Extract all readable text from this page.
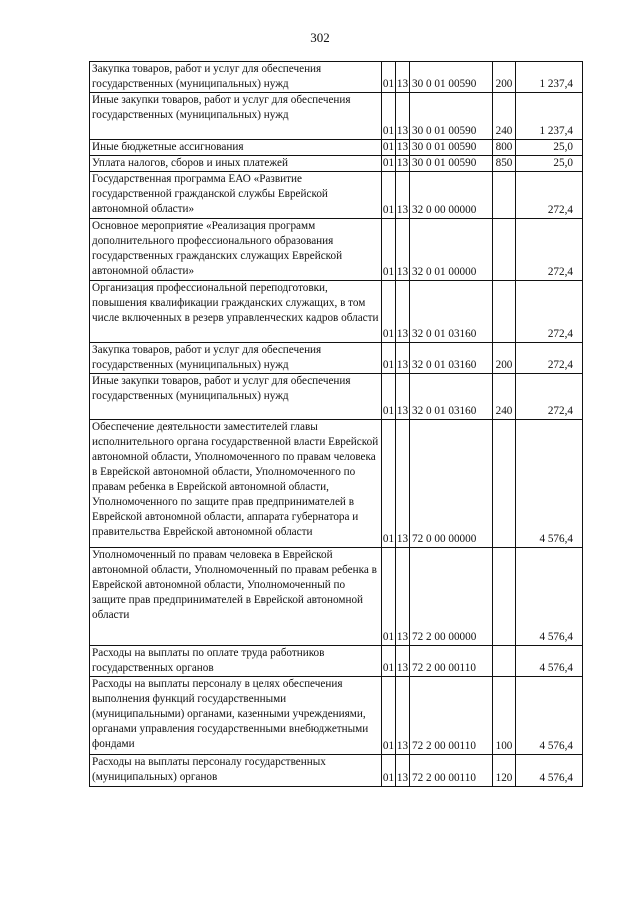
302
Закупка товаров, работ и услуг для обеспечения государственных (муниципальных) нужд	01	13	30 0 01 00590	200	1 237,4
Иные закупки товаров, работ и услуг для обеспечения государственных (муниципальных) нужд	01	13	30 0 01 00590	240	1 237,4
Иные бюджетные ассигнования	01	13	30 0 01 00590	800	25,0
Уплата налогов, сборов и иных платежей	01	13	30 0 01 00590	850	25,0
Государственная программа ЕАО «Развитие государственной гражданской службы Еврейской автономной области»	01	13	32 0 00 00000		272,4
Основное мероприятие «Реализация программ дополнительного профессионального образования государственных гражданских служащих Еврейской автономной области»	01	13	32 0 01 00000		272,4
Организация профессиональной переподготовки, повышения квалификации гражданских служащих, в том числе включенных в резерв управленческих кадров области	01	13	32 0 01 03160		272,4
Закупка товаров, работ и услуг для обеспечения государственных (муниципальных) нужд	01	13	32 0 01 03160	200	272,4
Иные закупки товаров, работ и услуг для обеспечения государственных (муниципальных) нужд	01	13	32 0 01 03160	240	272,4
Обеспечение деятельности заместителей главы исполнительного органа государственной власти Еврейской автономной области, Уполномоченного по правам человека в Еврейской автономной области, Уполномоченного по правам ребенка в Еврейской автономной области, Уполномоченного по защите прав предпринимателей в Еврейской автономной области, аппарата губернатора и правительства Еврейской автономной области	01	13	72 0 00 00000		4 576,4
Уполномоченный по правам человека в Еврейской автономной области, Уполномоченный по правам ребенка в Еврейской автономной области, Уполномоченный по защите прав предпринимателей в Еврейской автономной области	01	13	72 2 00 00000		4 576,4
Расходы на выплаты по оплате труда работников государственных органов	01	13	72 2 00 00110		4 576,4
Расходы на выплаты персоналу в целях обеспечения выполнения функций государственными (муниципальными) органами, казенными учреждениями, органами управления государственными внебюджетными фондами	01	13	72 2 00 00110	100	4 576,4
Расходы на выплаты персоналу государственных (муниципальных) органов	01	13	72 2 00 00110	120	4 576,4
